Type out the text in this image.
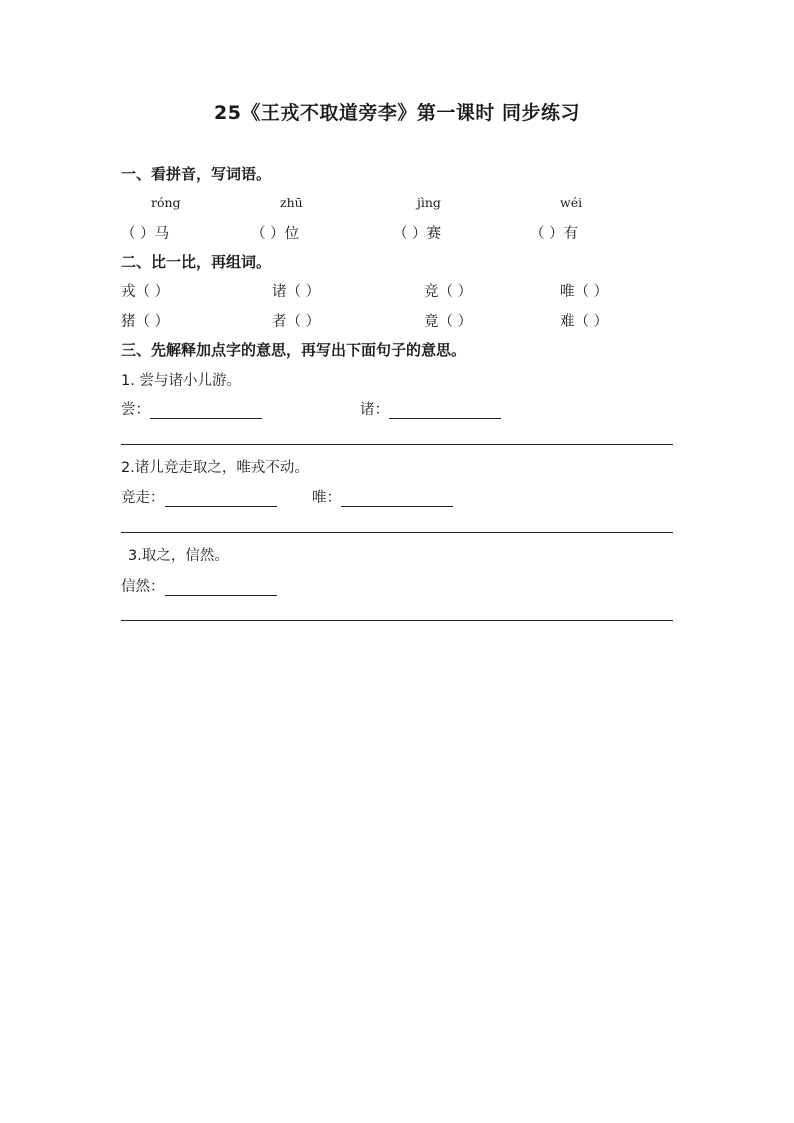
25《王戎不取道旁李》第一课时 同步练习
一、看拼音，写词语。
róng	zhū	jìng	wéi
（ ）马	（ ）位	（ ）赛	（ ）有
二、比一比，再组词。
戎（ ）	诸（ ）	竞（ ）	唯（ ）
猪（ ）	者（ ）	竟（ ）	难（ ）
三、先解释加点字的意思，再写出下面句子的意思。
1. 尝与诸小儿游。
尝：	诸：
2.诸儿竞走取之，唯戎不动。
竞走：	唯：
3.取之，信然。
信然：
